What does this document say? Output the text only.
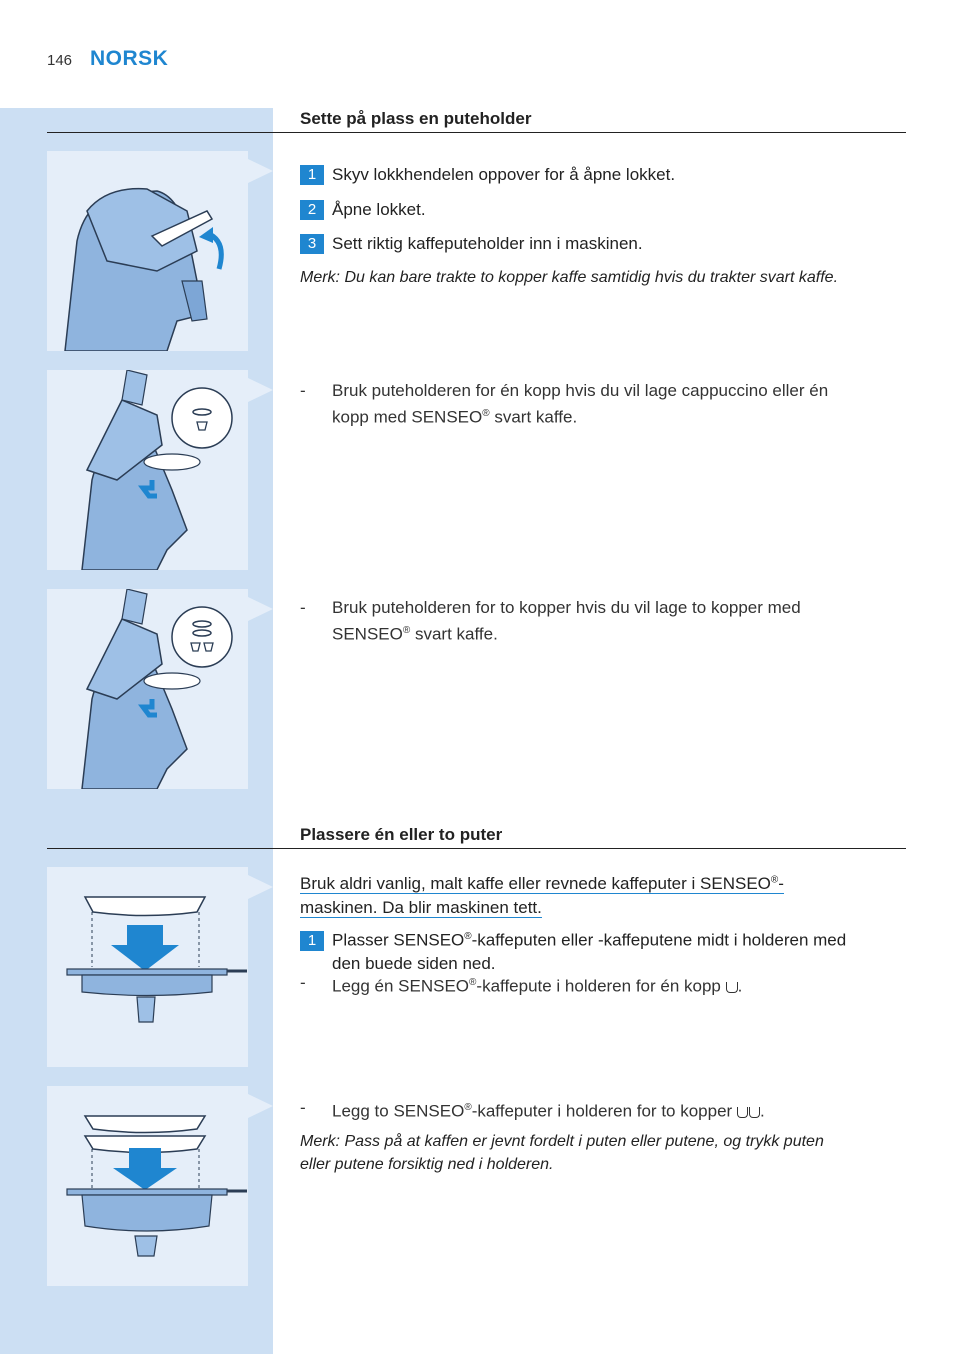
146 NORSK
Sette på plass en puteholder
1 Skyv lokkhendelen oppover for å åpne lokket.
2 Åpne lokket.
3 Sett riktig kaffeputeholder inn i maskinen.
Merk: Du kan bare trakte to kopper kaffe samtidig hvis du trakter svart kaffe.
- Bruk puteholderen for én kopp hvis du vil lage cappuccino eller én
kopp med SENSEO® svart kaffe.
- Bruk puteholderen for to kopper hvis du vil lage to kopper med
SENSEO® svart kaffe.
Plassere én eller to puter
Bruk aldri vanlig, malt kaffe eller revnede kaffeputer i SENSEO®-
maskinen. Da blir maskinen tett.
1 Plasser SENSEO®-kaffeputen eller -kaffeputene midt i holderen med
den buede siden ned.
- Legg én SENSEO®-kaffepute i holderen for én kopp .
- Legg to SENSEO®-kaffeputer i holderen for to kopper .
Merk: Pass på at kaffen er jevnt fordelt i puten eller putene, og trykk puten
eller putene forsiktig ned i holderen.
